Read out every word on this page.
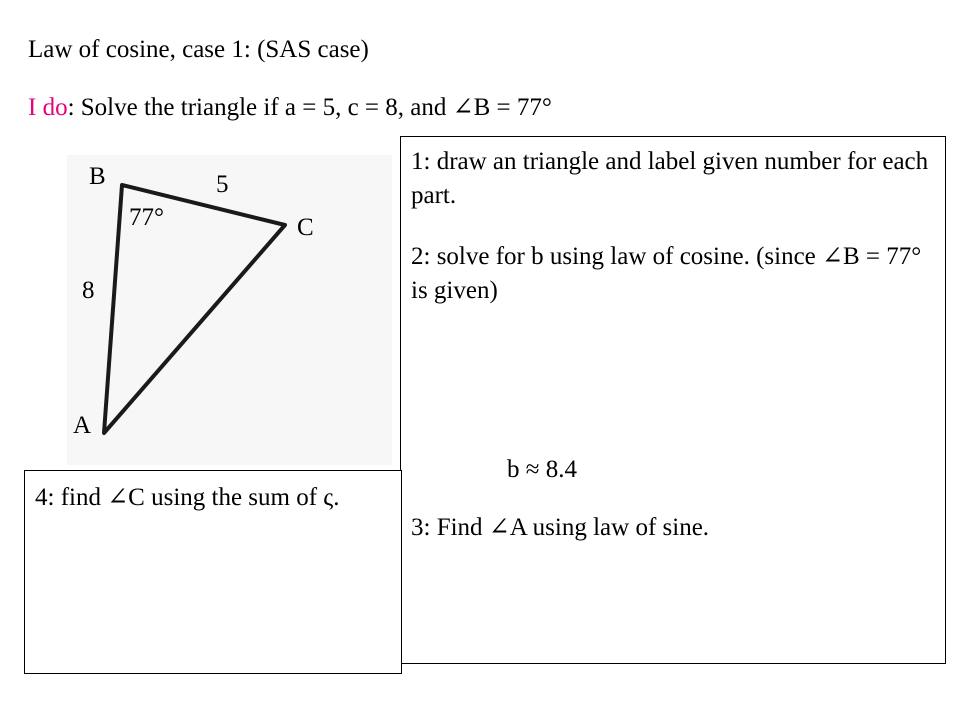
Law of cosine, case 1: (SAS case)
I do: Solve the triangle if a = 5, c = 8, and ∠B = 77°
B	5
77°	C
8
A
1: draw an triangle and label given number for each part.
2: solve for b using law of cosine. (since ∠B = 77° is given)
b ≈ 8.4
3: Find ∠A using law of sine.
4: find ∠C using the sum of ς.
